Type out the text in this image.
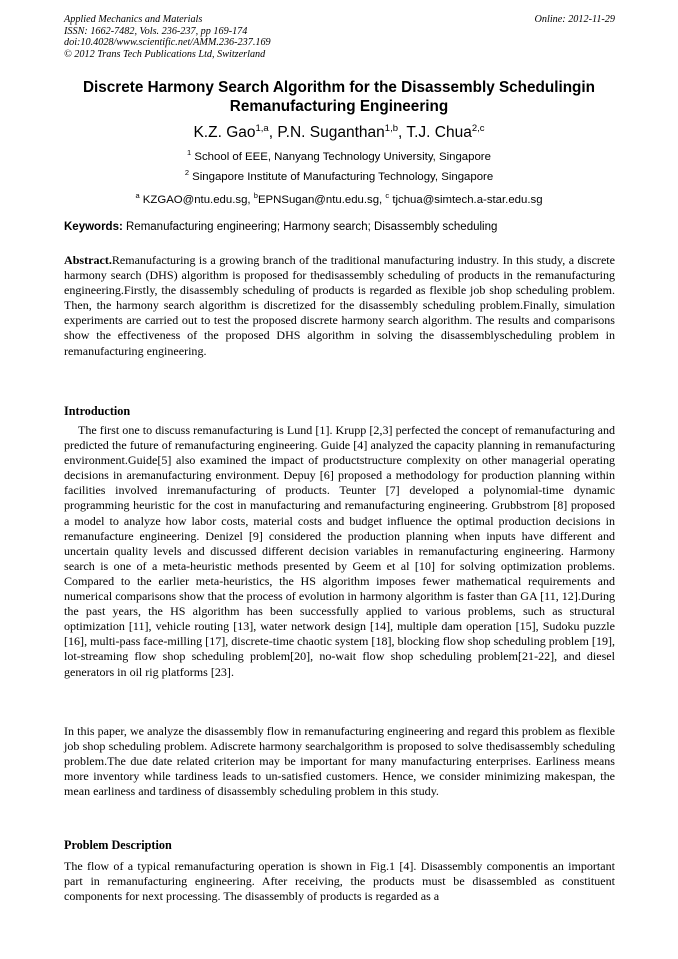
Applied Mechanics and Materials
ISSN: 1662-7482, Vols. 236-237, pp 169-174
doi:10.4028/www.scientific.net/AMM.236-237.169
© 2012 Trans Tech Publications Ltd, Switzerland
Online: 2012-11-29
Discrete Harmony Search Algorithm for the Disassembly Schedulingin Remanufacturing Engineering
K.Z. Gao$^{1,a}$, P.N. Suganthan$^{1,b}$, T.J. Chua$^{2,c}$
$^1$ School of EEE, Nanyang Technology University, Singapore
$^2$ Singapore Institute of Manufacturing Technology, Singapore
$^a$ KZGAO@ntu.edu.sg, $^b$EPNSugan@ntu.edu.sg, $^c$ tjchua@simtech.a-star.edu.sg
Keywords: Remanufacturing engineering; Harmony search; Disassembly scheduling
Abstract.Remanufacturing is a growing branch of the traditional manufacturing industry. In this study, a discrete harmony search (DHS) algorithm is proposed for thedisassembly scheduling of products in the remanufacturing engineering.Firstly, the disassembly scheduling of products is regarded as flexible job shop scheduling problem. Then, the harmony search algorithm is discretized for the disassembly scheduling problem.Finally, simulation experiments are carried out to test the proposed discrete harmony search algorithm. The results and comparisons show the effectiveness of the proposed DHS algorithm in solving the disassemblyscheduling problem in remanufacturing engineering.
Introduction
The first one to discuss remanufacturing is Lund [1]. Krupp [2,3] perfected the concept of remanufacturing and predicted the future of remanufacturing engineering. Guide [4] analyzed the capacity planning in remanufacturing environment.Guide[5] also examined the impact of productstructure complexity on other managerial operating decisions in aremanufacturing environment. Depuy [6] proposed a methodology for production planning within facilities involved inremanufacturing of products. Teunter [7] developed a polynomial-time dynamic programming heuristic for the cost in manufacturing and remanufacturing engineering. Grubbstrom [8] proposed a model to analyze how labor costs, material costs and budget influence the optimal production decisions in remanufacture engineering. Denizel [9] considered the production planning when inputs have different and uncertain quality levels and discussed different decision variables in remanufacturing engineering. Harmony search is one of a meta-heuristic methods presented by Geem et al [10] for solving optimization problems. Compared to the earlier meta-heuristics, the HS algorithm imposes fewer mathematical requirements and numerical comparisons show that the process of evolution in harmony algorithm is faster than GA [11, 12].During the past years, the HS algorithm has been successfully applied to various problems, such as structural optimization [11], vehicle routing [13], water network design [14], multiple dam operation [15], Sudoku puzzle [16], multi-pass face-milling [17], discrete-time chaotic system [18], blocking flow shop scheduling problem [19], lot-streaming flow shop scheduling problem[20], no-wait flow shop scheduling problem[21-22], and diesel generators in oil rig platforms [23].
In this paper, we analyze the disassembly flow in remanufacturing engineering and regard this problem as flexible job shop scheduling problem. Adiscrete harmony searchalgorithm is proposed to solve thedisassembly scheduling problem.The due date related criterion may be important for many manufacturing enterprises. Earliness means more inventory while tardiness leads to un-satisfied customers. Hence, we consider minimizing makespan, the mean earliness and tardiness of disassembly scheduling problem in this study.
Problem Description
The flow of a typical remanufacturing operation is shown in Fig.1 [4]. Disassembly componentis an important part in remanufacturing engineering. After receiving, the products must be disassembled as constituent components for next processing. The disassembly of products is regarded as a
